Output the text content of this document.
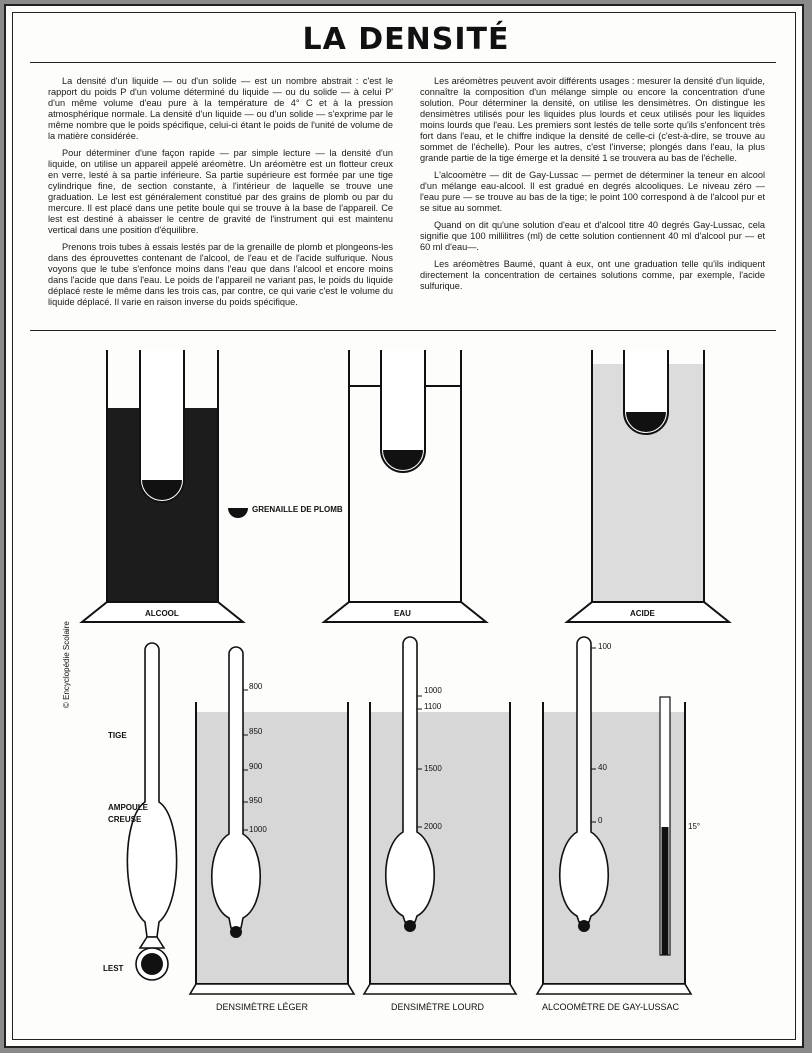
LA DENSITÉ

La densité d'un liquide — ou d'un solide — est un nombre abstrait : c'est le rapport du poids P d'un volume déterminé du liquide — ou du solide — à celui P' d'un même volume d'eau pure à la température de 4° C et à la pression atmosphérique normale. La densité d'un liquide — ou d'un solide — s'exprime par le même nombre que le poids spécifique, celui-ci étant le poids de l'unité de volume de la matière considérée.

Pour déterminer d'une façon rapide — par simple lecture — la densité d'un liquide, on utilise un appareil appelé aréomètre. Un aréomètre est un flotteur creux en verre, lesté à sa partie inférieure. Sa partie supérieure est formée par une tige cylindrique fine, de section constante, à l'intérieur de laquelle se trouve une graduation. Le lest est généralement constitué par des grains de plomb ou par du mercure. Il est placé dans une petite boule qui se trouve à la base de l'appareil. Ce lest est destiné à abaisser le centre de gravité de l'instrument qui est maintenu vertical dans une position d'équilibre.

Prenons trois tubes à essais lestés par de la grenaille de plomb et plongeons-les dans des éprouvettes contenant de l'alcool, de l'eau et de l'acide sulfurique. Nous voyons que le tube s'enfonce moins dans l'eau que dans l'alcool et encore moins dans l'acide que dans l'eau. Le poids de l'appareil ne variant pas, le poids du liquide déplacé reste le même dans les trois cas, par contre, ce qui varie c'est le volume du liquide déplacé. Il varie en raison inverse du poids spécifique.

Les aréomètres peuvent avoir différents usages : mesurer la densité d'un liquide, connaître la composition d'un mélange simple ou encore la concentration d'une solution. Pour déterminer la densité, on utilise les densimètres. On distingue les densimètres utilisés pour les liquides plus lourds et ceux utilisés pour les liquides moins lourds que l'eau. Les premiers sont lestés de telle sorte qu'ils s'enfoncent très fort dans l'eau, et le chiffre indique la densité de celle-ci (c'est-à-dire, se trouve au sommet de l'échelle). Pour les autres, c'est l'inverse; plongés dans l'eau, la plus grande partie de la tige émerge et la densité 1 se trouvera au bas de l'échelle.

L'alcoomètre — dit de Gay-Lussac — permet de déterminer la teneur en alcool d'un mélange eau-alcool. Il est gradué en degrés alcooliques. Le niveau zéro — l'eau pure — se trouve au bas de la tige; le point 100 correspond à de l'alcool pur et se situe au sommet.

Quand on dit qu'une solution d'eau et d'alcool titre 40 degrés Gay-Lussac, cela signifie que 100 millilitres (ml) de cette solution contiennent 40 ml d'alcool pur — et 60 ml d'eau—.

Les aréomètres Baumé, quant à eux, ont une graduation telle qu'ils indiquent directement la concentration de certaines solutions comme, par exemple, l'acide sulfurique.

GRENAILLE DE PLOMB
ALCOOL	EAU	ACIDE
© Encyclopédie Scolaire
TIGE
AMPOULE
CREUSE
LEST
800
850
900
950
1000
1000
1100
1500
2000
100
40
0
15°
DENSIMÈTRE LÉGER	DENSIMÈTRE LOURD	ALCOOMÈTRE DE GAY-LUSSAC
